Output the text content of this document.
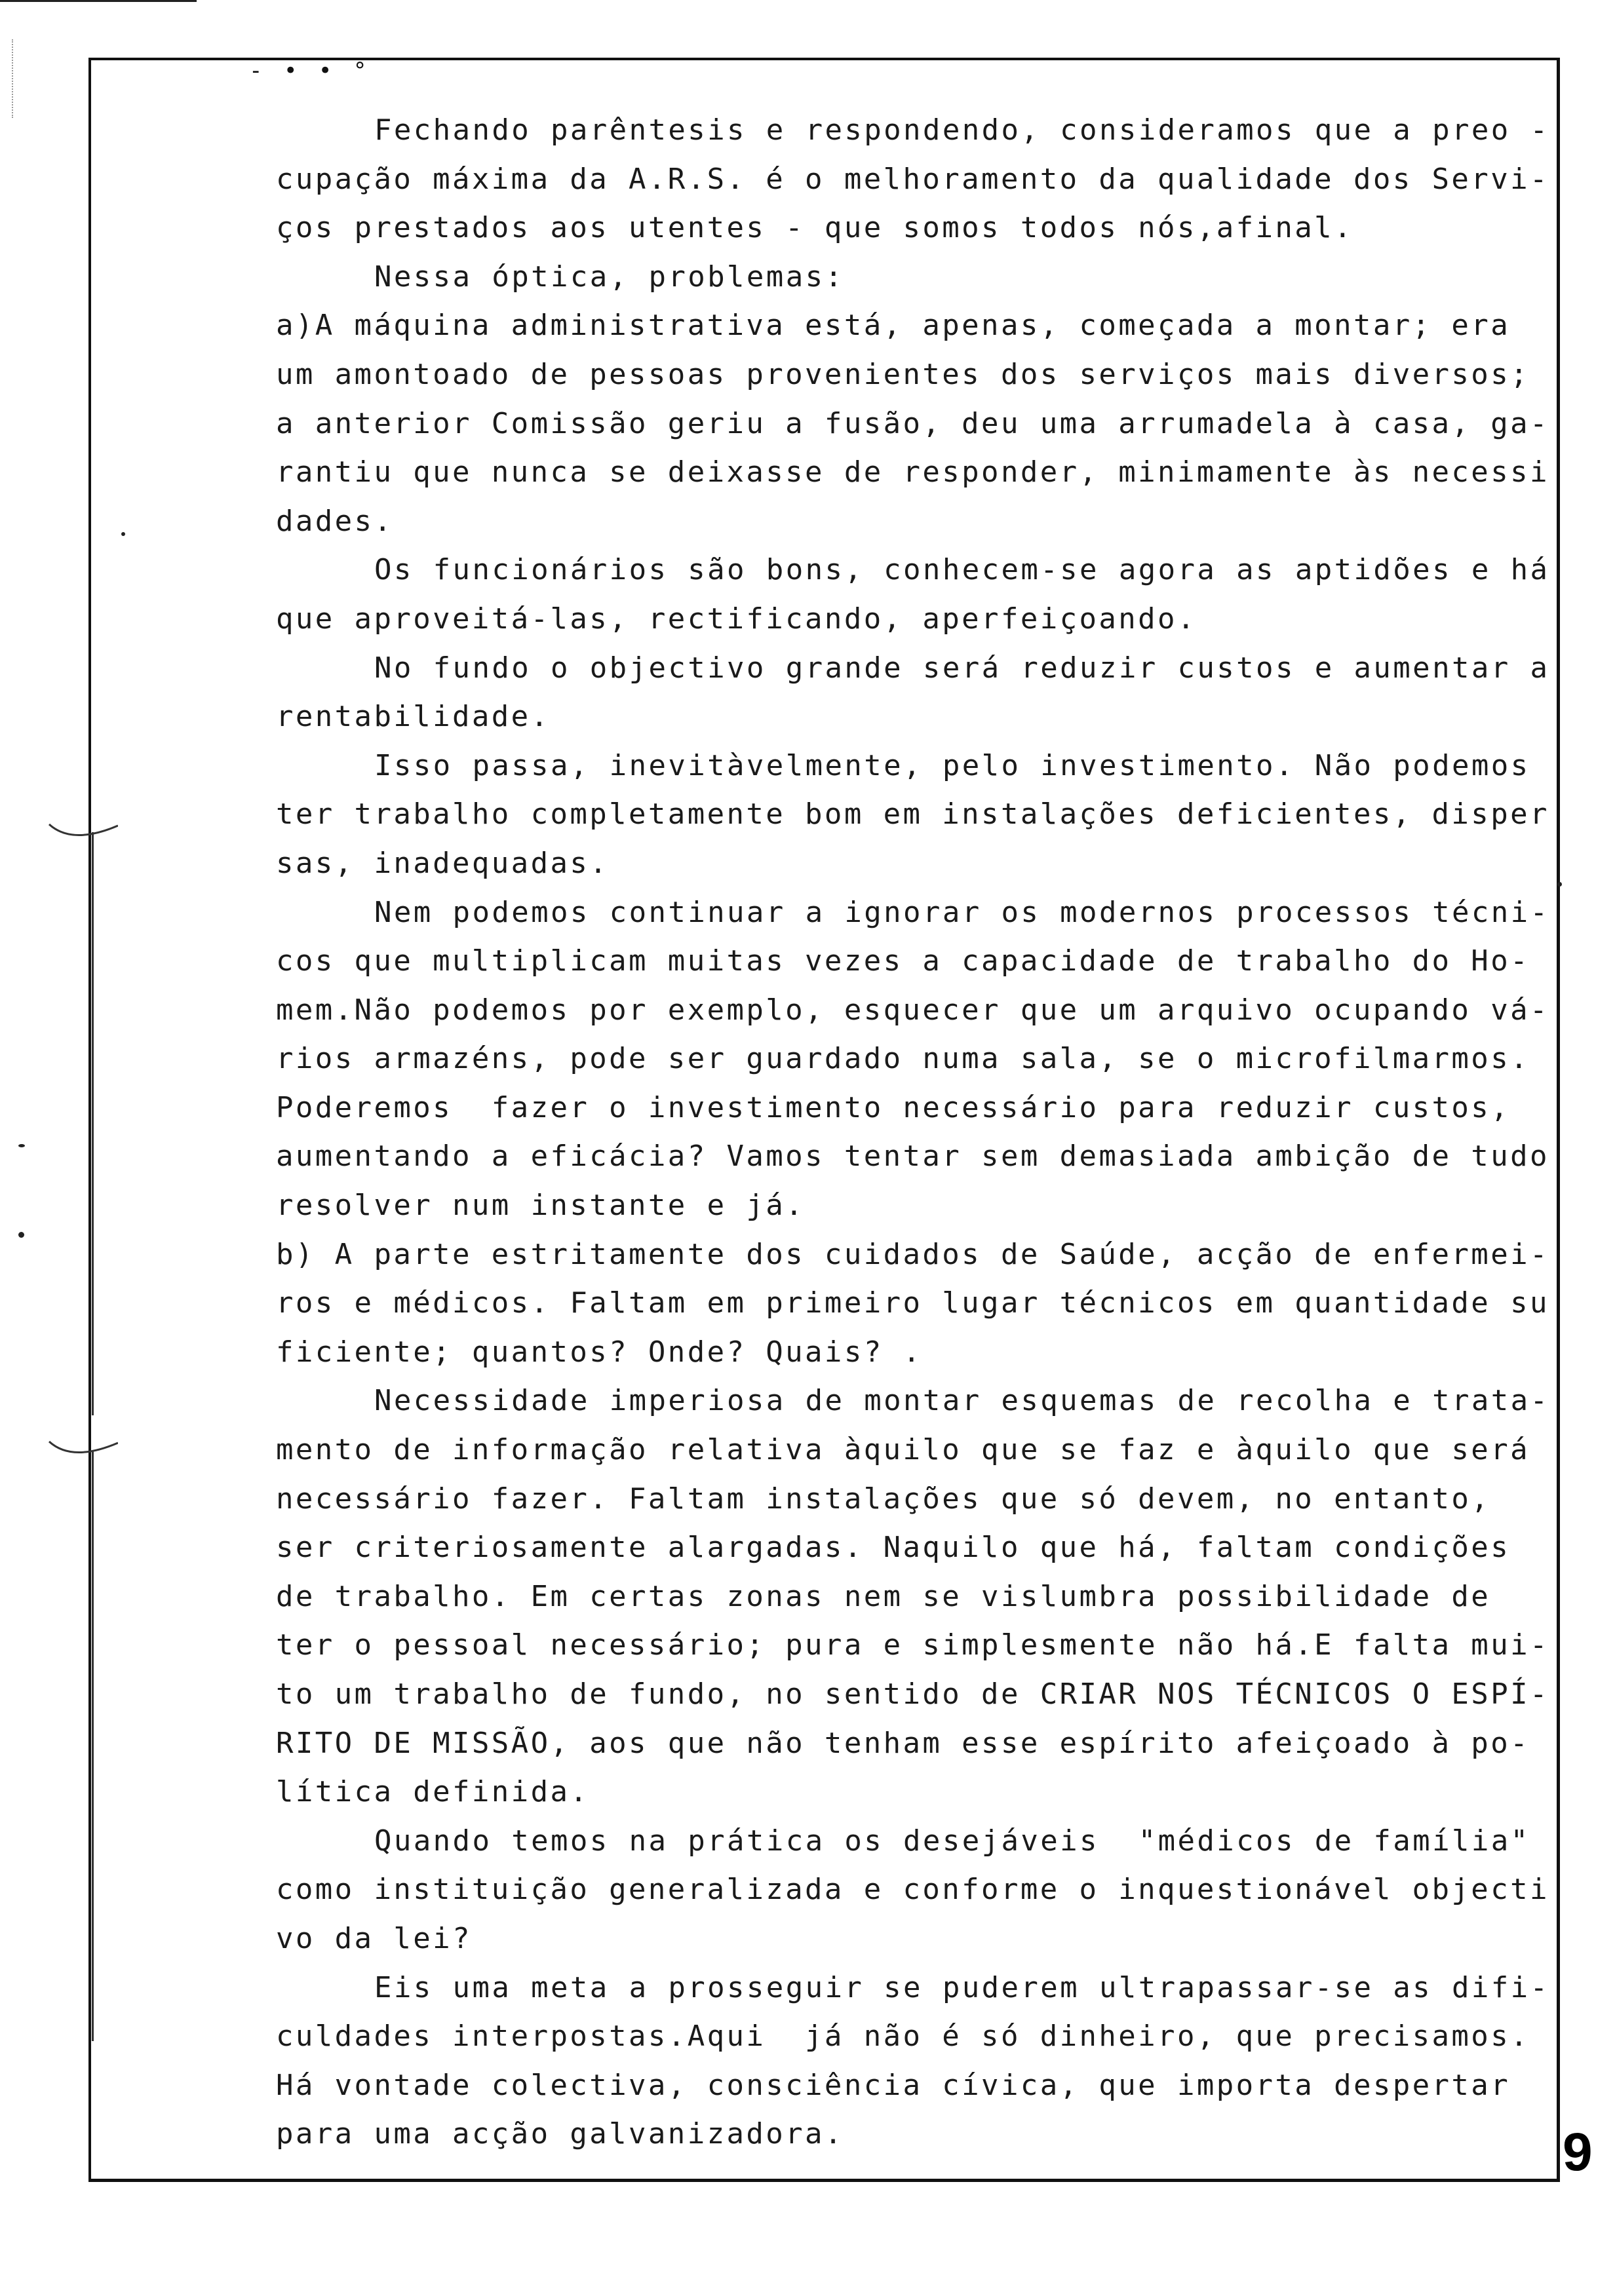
- • • °
Fechando parêntesis e respondendo, consideramos que a preo -
cupação máxima da A.R.S. é o melhoramento da qualidade dos Servi-
ços prestados aos utentes - que somos todos nós,afinal.
Nessa óptica, problemas:
a)A máquina administrativa está, apenas, começada a montar; era
um amontoado de pessoas provenientes dos serviços mais diversos;
a anterior Comissão geriu a fusão, deu uma arrumadela à casa, ga-
rantiu que nunca se deixasse de responder, minimamente às necessi
dades.
Os funcionários são bons, conhecem-se agora as aptidões e há
que aproveitá-las, rectificando, aperfeiçoando.
No fundo o objectivo grande será reduzir custos e aumentar a
rentabilidade.
Isso passa, inevitàvelmente, pelo investimento. Não podemos
ter trabalho completamente bom em instalações deficientes, disper
sas, inadequadas.
Nem podemos continuar a ignorar os modernos processos técni-
cos que multiplicam muitas vezes a capacidade de trabalho do Ho-
mem.Não podemos por exemplo, esquecer que um arquivo ocupando vá-
rios armazéns, pode ser guardado numa sala, se o microfilmarmos.
Poderemos  fazer o investimento necessário para reduzir custos,
aumentando a eficácia? Vamos tentar sem demasiada ambição de tudo
resolver num instante e já.
b) A parte estritamente dos cuidados de Saúde, acção de enfermei-
ros e médicos. Faltam em primeiro lugar técnicos em quantidade su
ficiente; quantos? Onde? Quais? .
Necessidade imperiosa de montar esquemas de recolha e trata-
mento de informação relativa àquilo que se faz e àquilo que será
necessário fazer. Faltam instalações que só devem, no entanto,
ser criteriosamente alargadas. Naquilo que há, faltam condições
de trabalho. Em certas zonas nem se vislumbra possibilidade de
ter o pessoal necessário; pura e simplesmente não há.E falta mui-
to um trabalho de fundo, no sentido de CRIAR NOS TÉCNICOS O ESPÍ-
RITO DE MISSÃO, aos que não tenham esse espírito afeiçoado à po-
lítica definida.
Quando temos na prática os desejáveis  "médicos de família"
como instituição generalizada e conforme o inquestionável objecti
vo da lei?
Eis uma meta a prosseguir se puderem ultrapassar-se as difi-
culdades interpostas.Aqui  já não é só dinheiro, que precisamos.
Há vontade colectiva, consciência cívica, que importa despertar
para uma acção galvanizadora.	9
